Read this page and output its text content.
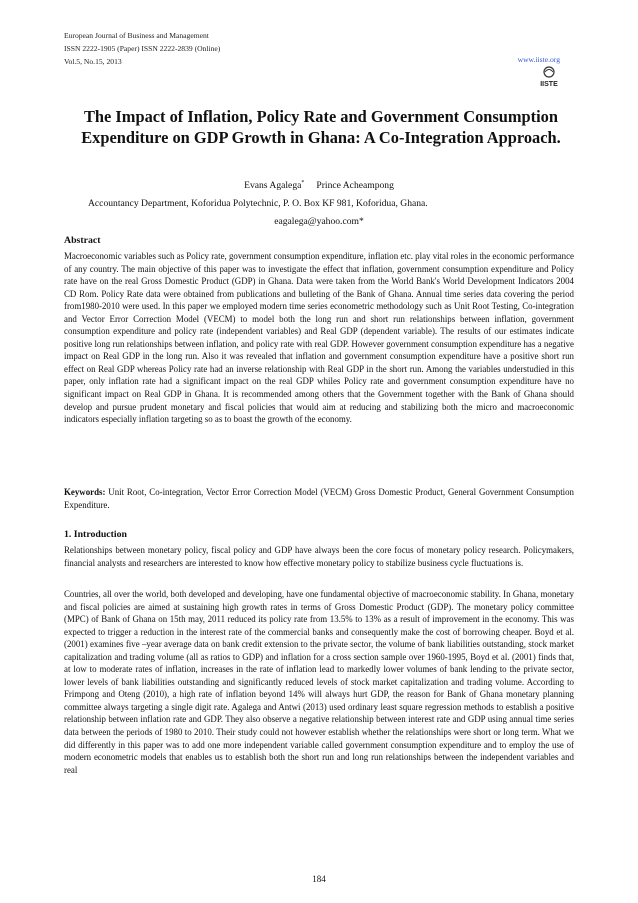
European Journal of Business and Management
ISSN 2222-1905 (Paper) ISSN 2222-2839 (Online)
Vol.5, No.15, 2013	www.iiste.org
IISTE
The Impact of Inflation, Policy Rate and Government Consumption Expenditure on GDP Growth in Ghana: A Co-Integration Approach.
Evans Agalega* Prince Acheampong
Accountancy Department, Koforidua Polytechnic, P. O. Box KF 981, Koforidua, Ghana.
eagalega@yahoo.com*
Abstract

Macroeconomic variables such as Policy rate, government consumption expenditure, inflation etc. play vital roles in the economic performance of any country. The main objective of this paper was to investigate the effect that inflation, government consumption expenditure and Policy rate have on the real Gross Domestic Product (GDP) in Ghana. Data were taken from the World Bank's World Development Indicators 2004 CD Rom. Policy Rate data were obtained from publications and bulleting of the Bank of Ghana. Annual time series data covering the period from1980-2010 were used. In this paper we employed modern time series econometric methodology such as Unit Root Testing, Co-integration and Vector Error Correction Model (VECM) to model both the long run and short run relationships between inflation, government consumption expenditure and policy rate (independent variables) and Real GDP (dependent variable). The results of our estimates indicate positive long run relationships between inflation, and policy rate with real GDP. However government consumption expenditure has a negative impact on Real GDP in the long run. Also it was revealed that inflation and government consumption expenditure have a positive short run effect on Real GDP whereas Policy rate had an inverse relationship with Real GDP in the short run. Among the variables understudied in this paper, only inflation rate had a significant impact on the real GDP whiles Policy rate and government consumption expenditure have no significant impact on Real GDP in Ghana. It is recommended among others that the Government together with the Bank of Ghana should develop and pursue prudent monetary and fiscal policies that would aim at reducing and stabilizing both the micro and macroeconomic indicators especially inflation targeting so as to boast the growth of the economy.

Keywords: Unit Root, Co-integration, Vector Error Correction Model (VECM) Gross Domestic Product, General Government Consumption Expenditure.

1. Introduction

Relationships between monetary policy, fiscal policy and GDP have always been the core focus of monetary policy research. Policymakers, financial analysts and researchers are interested to know how effective monetary policy to stabilize business cycle fluctuations is.

Countries, all over the world, both developed and developing, have one fundamental objective of macroeconomic stability. In Ghana, monetary and fiscal policies are aimed at sustaining high growth rates in terms of Gross Domestic Product (GDP). The monetary policy committee (MPC) of Bank of Ghana on 15th may, 2011 reduced its policy rate from 13.5% to 13% as a result of improvement in the economy. This was expected to trigger a reduction in the interest rate of the commercial banks and consequently make the cost of borrowing cheaper. Boyd et al. (2001) examines five –year average data on bank credit extension to the private sector, the volume of bank liabilities outstanding, stock market capitalization and trading volume (all as ratios to GDP) and inflation for a cross section sample over 1960-1995, Boyd et al. (2001) finds that, at low to moderate rates of inflation, increases in the rate of inflation lead to markedly lower volumes of bank lending to the private sector, lower levels of bank liabilities outstanding and significantly reduced levels of stock market capitalization and trading volume. According to Frimpong and Oteng (2010), a high rate of inflation beyond 14% will always hurt GDP, the reason for Bank of Ghana monetary planning committee always targeting a single digit rate. Agalega and Antwi (2013) used ordinary least square regression methods to establish a positive relationship between inflation rate and GDP. They also observe a negative relationship between interest rate and GDP using annual time series data between the periods of 1980 to 2010. Their study could not however establish whether the relationships were short or long term. What we did differently in this paper was to add one more independent variable called government consumption expenditure and to employ the use of modern econometric models that enables us to establish both the short run and long run relationships between the independent variables and real

184
